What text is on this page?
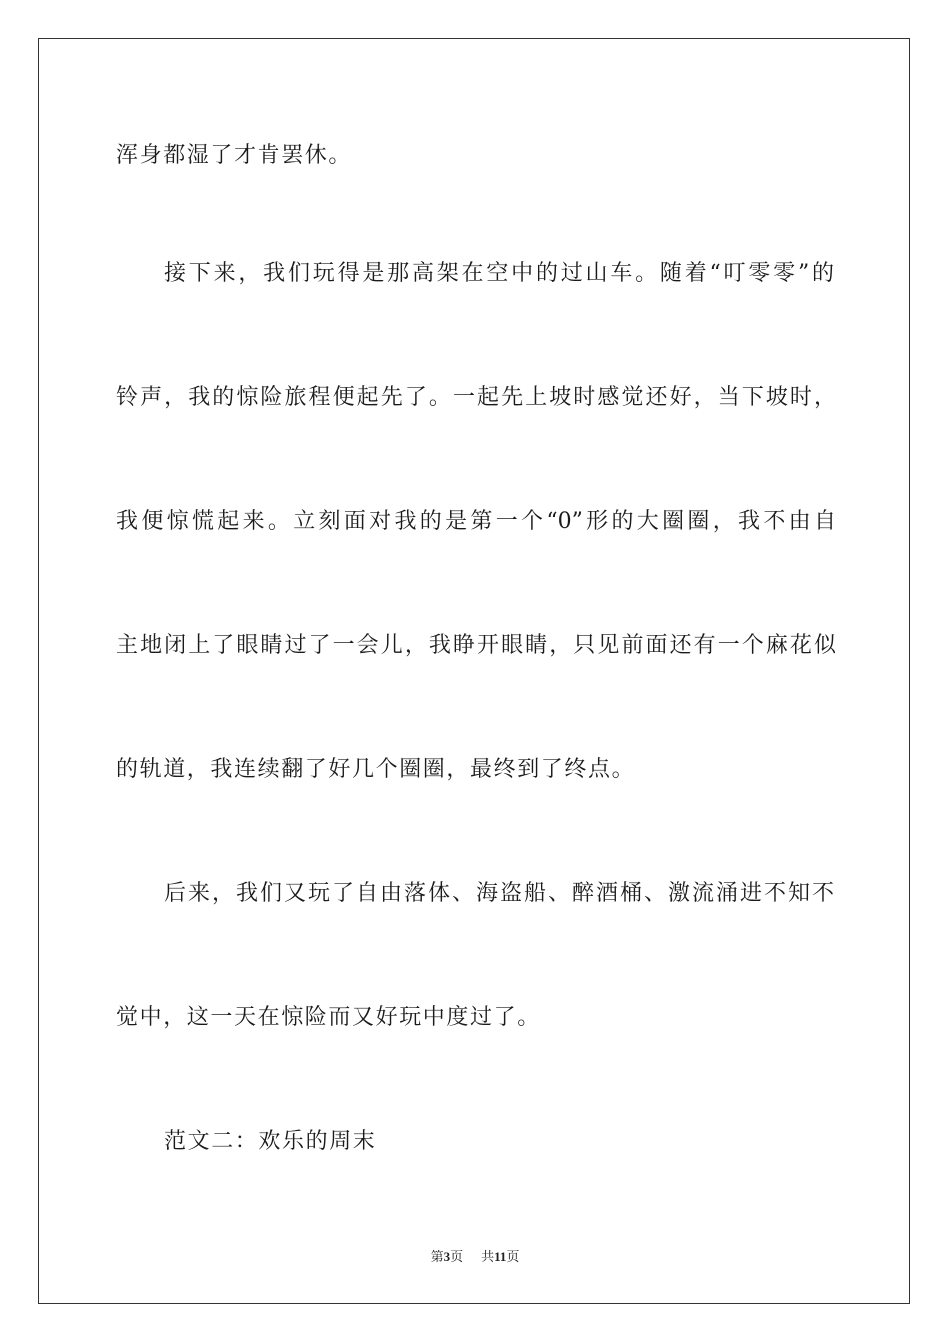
浑身都湿了才肯罢休。
接下来，我们玩得是那高架在空中的过山车。随着“叮零零”的
铃声，我的惊险旅程便起先了。一起先上坡时感觉还好，当下坡时，
我便惊慌起来。立刻面对我的是第一个“0”形的大圈圈，我不由自
主地闭上了眼睛过了一会儿，我睁开眼睛，只见前面还有一个麻花似
的轨道，我连续翻了好几个圈圈，最终到了终点。
后来，我们又玩了自由落体、海盗船、醉酒桶、激流涌进不知不
觉中，这一天在惊险而又好玩中度过了。
范文二：欢乐的周末
第3页 共11页
